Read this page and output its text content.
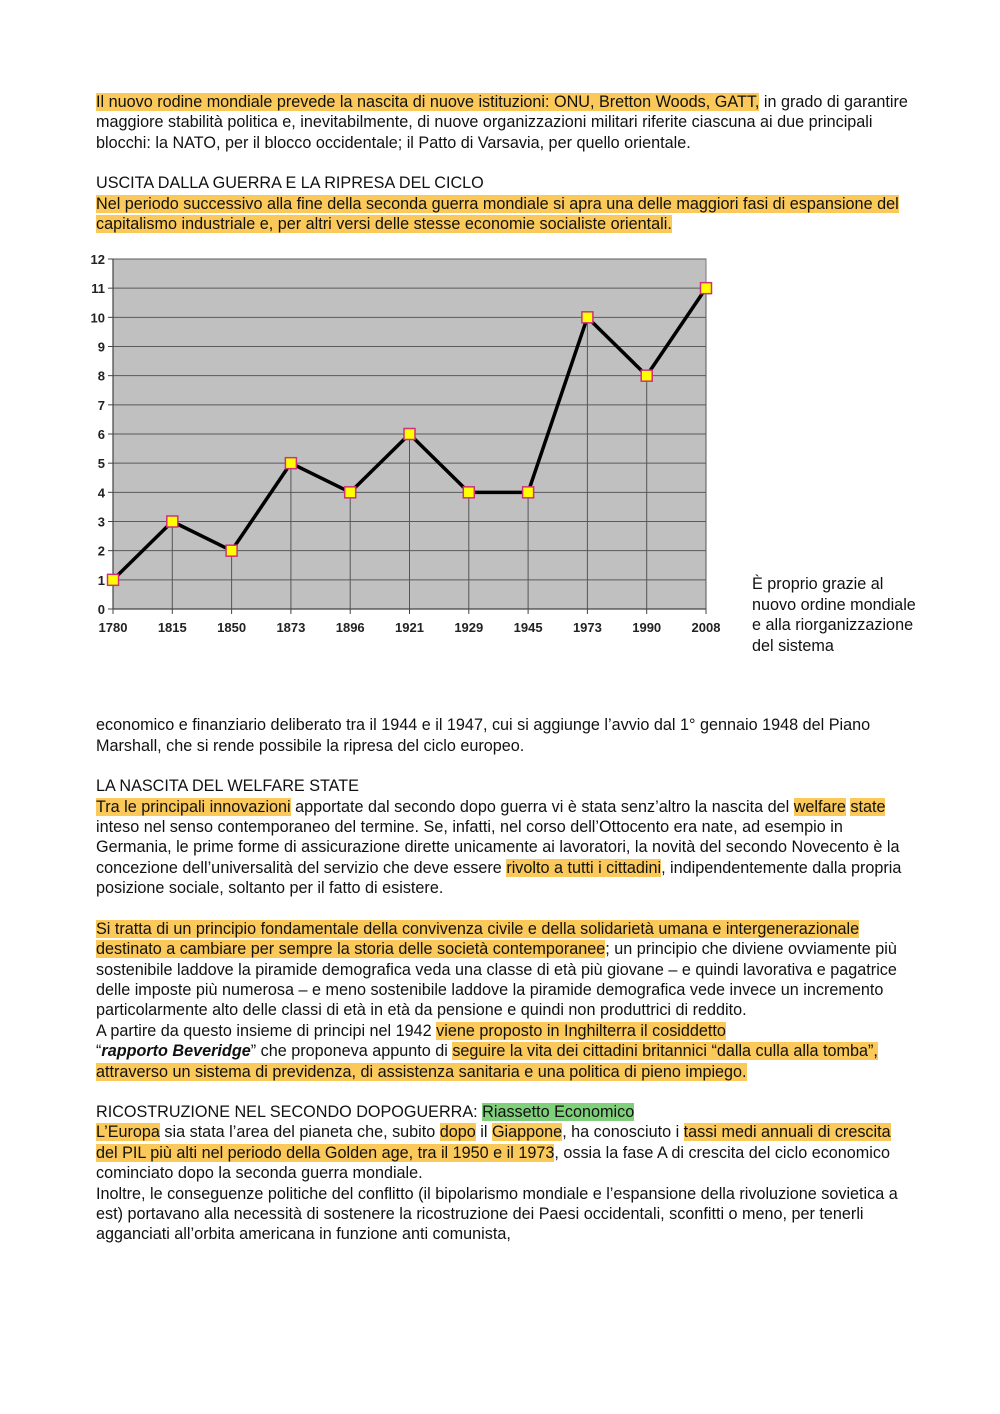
Il nuovo rodine mondiale prevede la nascita di nuove istituzioni: ONU, Bretton Woods, GATT, in grado di garantire maggiore stabilità politica e, inevitabilmente, di nuove organizzazioni militari riferite ciascuna ai due principali blocchi: la NATO, per il blocco occidentale; il Patto di Varsavia, per quello orientale.

USCITA DALLA GUERRA E LA RIPRESA DEL CICLO

Nel periodo successivo alla fine della seconda guerra mondiale si apra una delle maggiori fasi di espansione del capitalismo industriale e, per altri versi delle stesse economie socialiste orientali.

0
1
2
3
4
5
6
7
8
9
10
11
12
1780 1815 1850 1873 1896 1921 1929 1945 1973 1990 2008

È proprio grazie al nuovo ordine mondiale e alla riorganizzazione del sistema

economico e finanziario deliberato tra il 1944 e il 1947, cui si aggiunge l’avvio dal 1° gennaio 1948 del Piano Marshall, che si rende possibile la ripresa del ciclo europeo.

LA NASCITA DEL WELFARE STATE

Tra le principali innovazioni apportate dal secondo dopo guerra vi è stata senz’altro la nascita del welfare state inteso nel senso contemporaneo del termine. Se, infatti, nel corso dell’Ottocento era nate, ad esempio in Germania, le prime forme di assicurazione dirette unicamente ai lavoratori, la novità del secondo Novecento è la concezione dell’universalità del servizio che deve essere rivolto a tutti i cittadini, indipendentemente dalla propria posizione sociale, soltanto per il fatto di esistere.

Si tratta di un principio fondamentale della convivenza civile e della solidarietà umana e intergenerazionale destinato a cambiare per sempre la storia delle società contemporanee; un principio che diviene ovviamente più sostenibile laddove la piramide demografica veda una classe di età più giovane – e quindi lavorativa e pagatrice delle imposte più numerosa – e meno sostenibile laddove la piramide demografica vede invece un incremento particolarmente alto delle classi di età in età da pensione e quindi non produttrici di reddito.

A partire da questo insieme di principi nel 1942 viene proposto in Inghilterra il cosiddetto
“rapporto Beveridge” che proponeva appunto di seguire la vita dei cittadini britannici “dalla culla alla tomba”, attraverso un sistema di previdenza, di assistenza sanitaria e una politica di pieno impiego.

RICOSTRUZIONE NEL SECONDO DOPOGUERRA: Riassetto Economico

L’Europa sia stata l’area del pianeta che, subito dopo il Giappone, ha conosciuto i tassi medi annuali di crescita del PIL più alti nel periodo della Golden age, tra il 1950 e il 1973, ossia la fase A di crescita del ciclo economico cominciato dopo la seconda guerra mondiale.

Inoltre, le conseguenze politiche del conflitto (il bipolarismo mondiale e l’espansione della rivoluzione sovietica a est) portavano alla necessità di sostenere la ricostruzione dei Paesi occidentali, sconfitti o meno, per tenerli agganciati all’orbita americana in funzione anti comunista,
